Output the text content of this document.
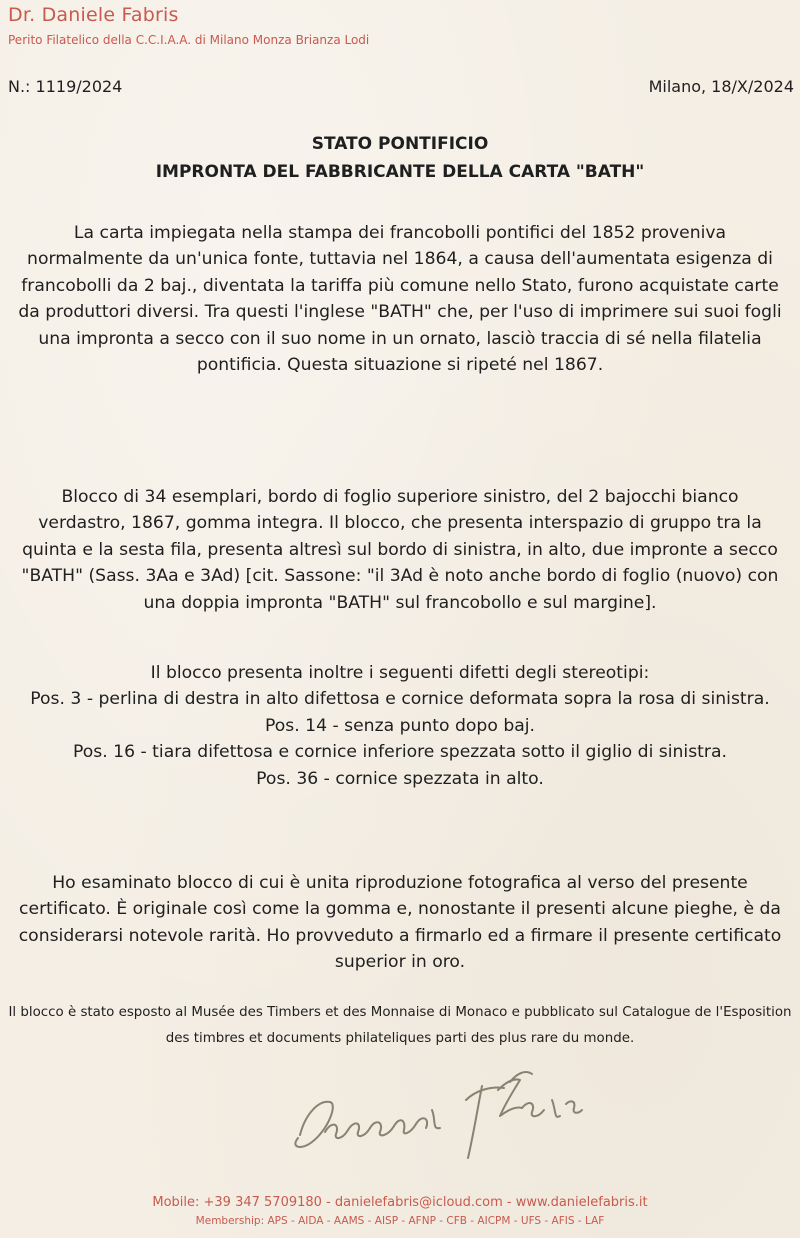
Dr. Daniele Fabris
Perito Filatelico della C.C.I.A.A. di Milano Monza Brianza Lodi
N.: 1119/2024	Milano, 18/X/2024
STATO PONTIFICIO
IMPRONTA DEL FABBRICANTE DELLA CARTA "BATH"
La carta impiegata nella stampa dei francobolli pontifici del 1852 proveniva normalmente da un'unica fonte, tuttavia nel 1864, a causa dell'aumentata esigenza di francobolli da 2 baj., diventata la tariffa più comune nello Stato, furono acquistate carte da produttori diversi. Tra questi l'inglese "BATH" che, per l'uso di imprimere sui suoi fogli una impronta a secco con il suo nome in un ornato, lasciò traccia di sé nella filatelia pontificia. Questa situazione si ripeté nel 1867.
Blocco di 34 esemplari, bordo di foglio superiore sinistro, del 2 bajocchi bianco verdastro, 1867, gomma integra. Il blocco, che presenta interspazio di gruppo tra la quinta e la sesta fila, presenta altresì sul bordo di sinistra, in alto, due impronte a secco "BATH" (Sass. 3Aa e 3Ad) [cit. Sassone: "il 3Ad è noto anche bordo di foglio (nuovo) con una doppia impronta "BATH" sul francobollo e sul margine].
Il blocco presenta inoltre i seguenti difetti degli stereotipi:
Pos. 3 - perlina di destra in alto difettosa e cornice deformata sopra la rosa di sinistra.
Pos. 14 - senza punto dopo baj.
Pos. 16 - tiara difettosa e cornice inferiore spezzata sotto il giglio di sinistra.
Pos. 36 - cornice spezzata in alto.
Ho esaminato blocco di cui è unita riproduzione fotografica al verso del presente certificato. È originale così come la gomma e, nonostante il presenti alcune pieghe, è da considerarsi notevole rarità. Ho provveduto a firmarlo ed a firmare il presente certificato superior in oro.
Il blocco è stato esposto al Musée des Timbers et des Monnaise di Monaco e pubblicato sul Catalogue de l'Esposition des timbres et documents philateliques parti des plus rare du monde.
Mobile: +39 347 5709180 - danielefabris@icloud.com - www.danielefabris.it
Membership: APS - AIDA - AAMS - AISP - AFNP - CFB - AICPM - UFS - AFIS - LAF
